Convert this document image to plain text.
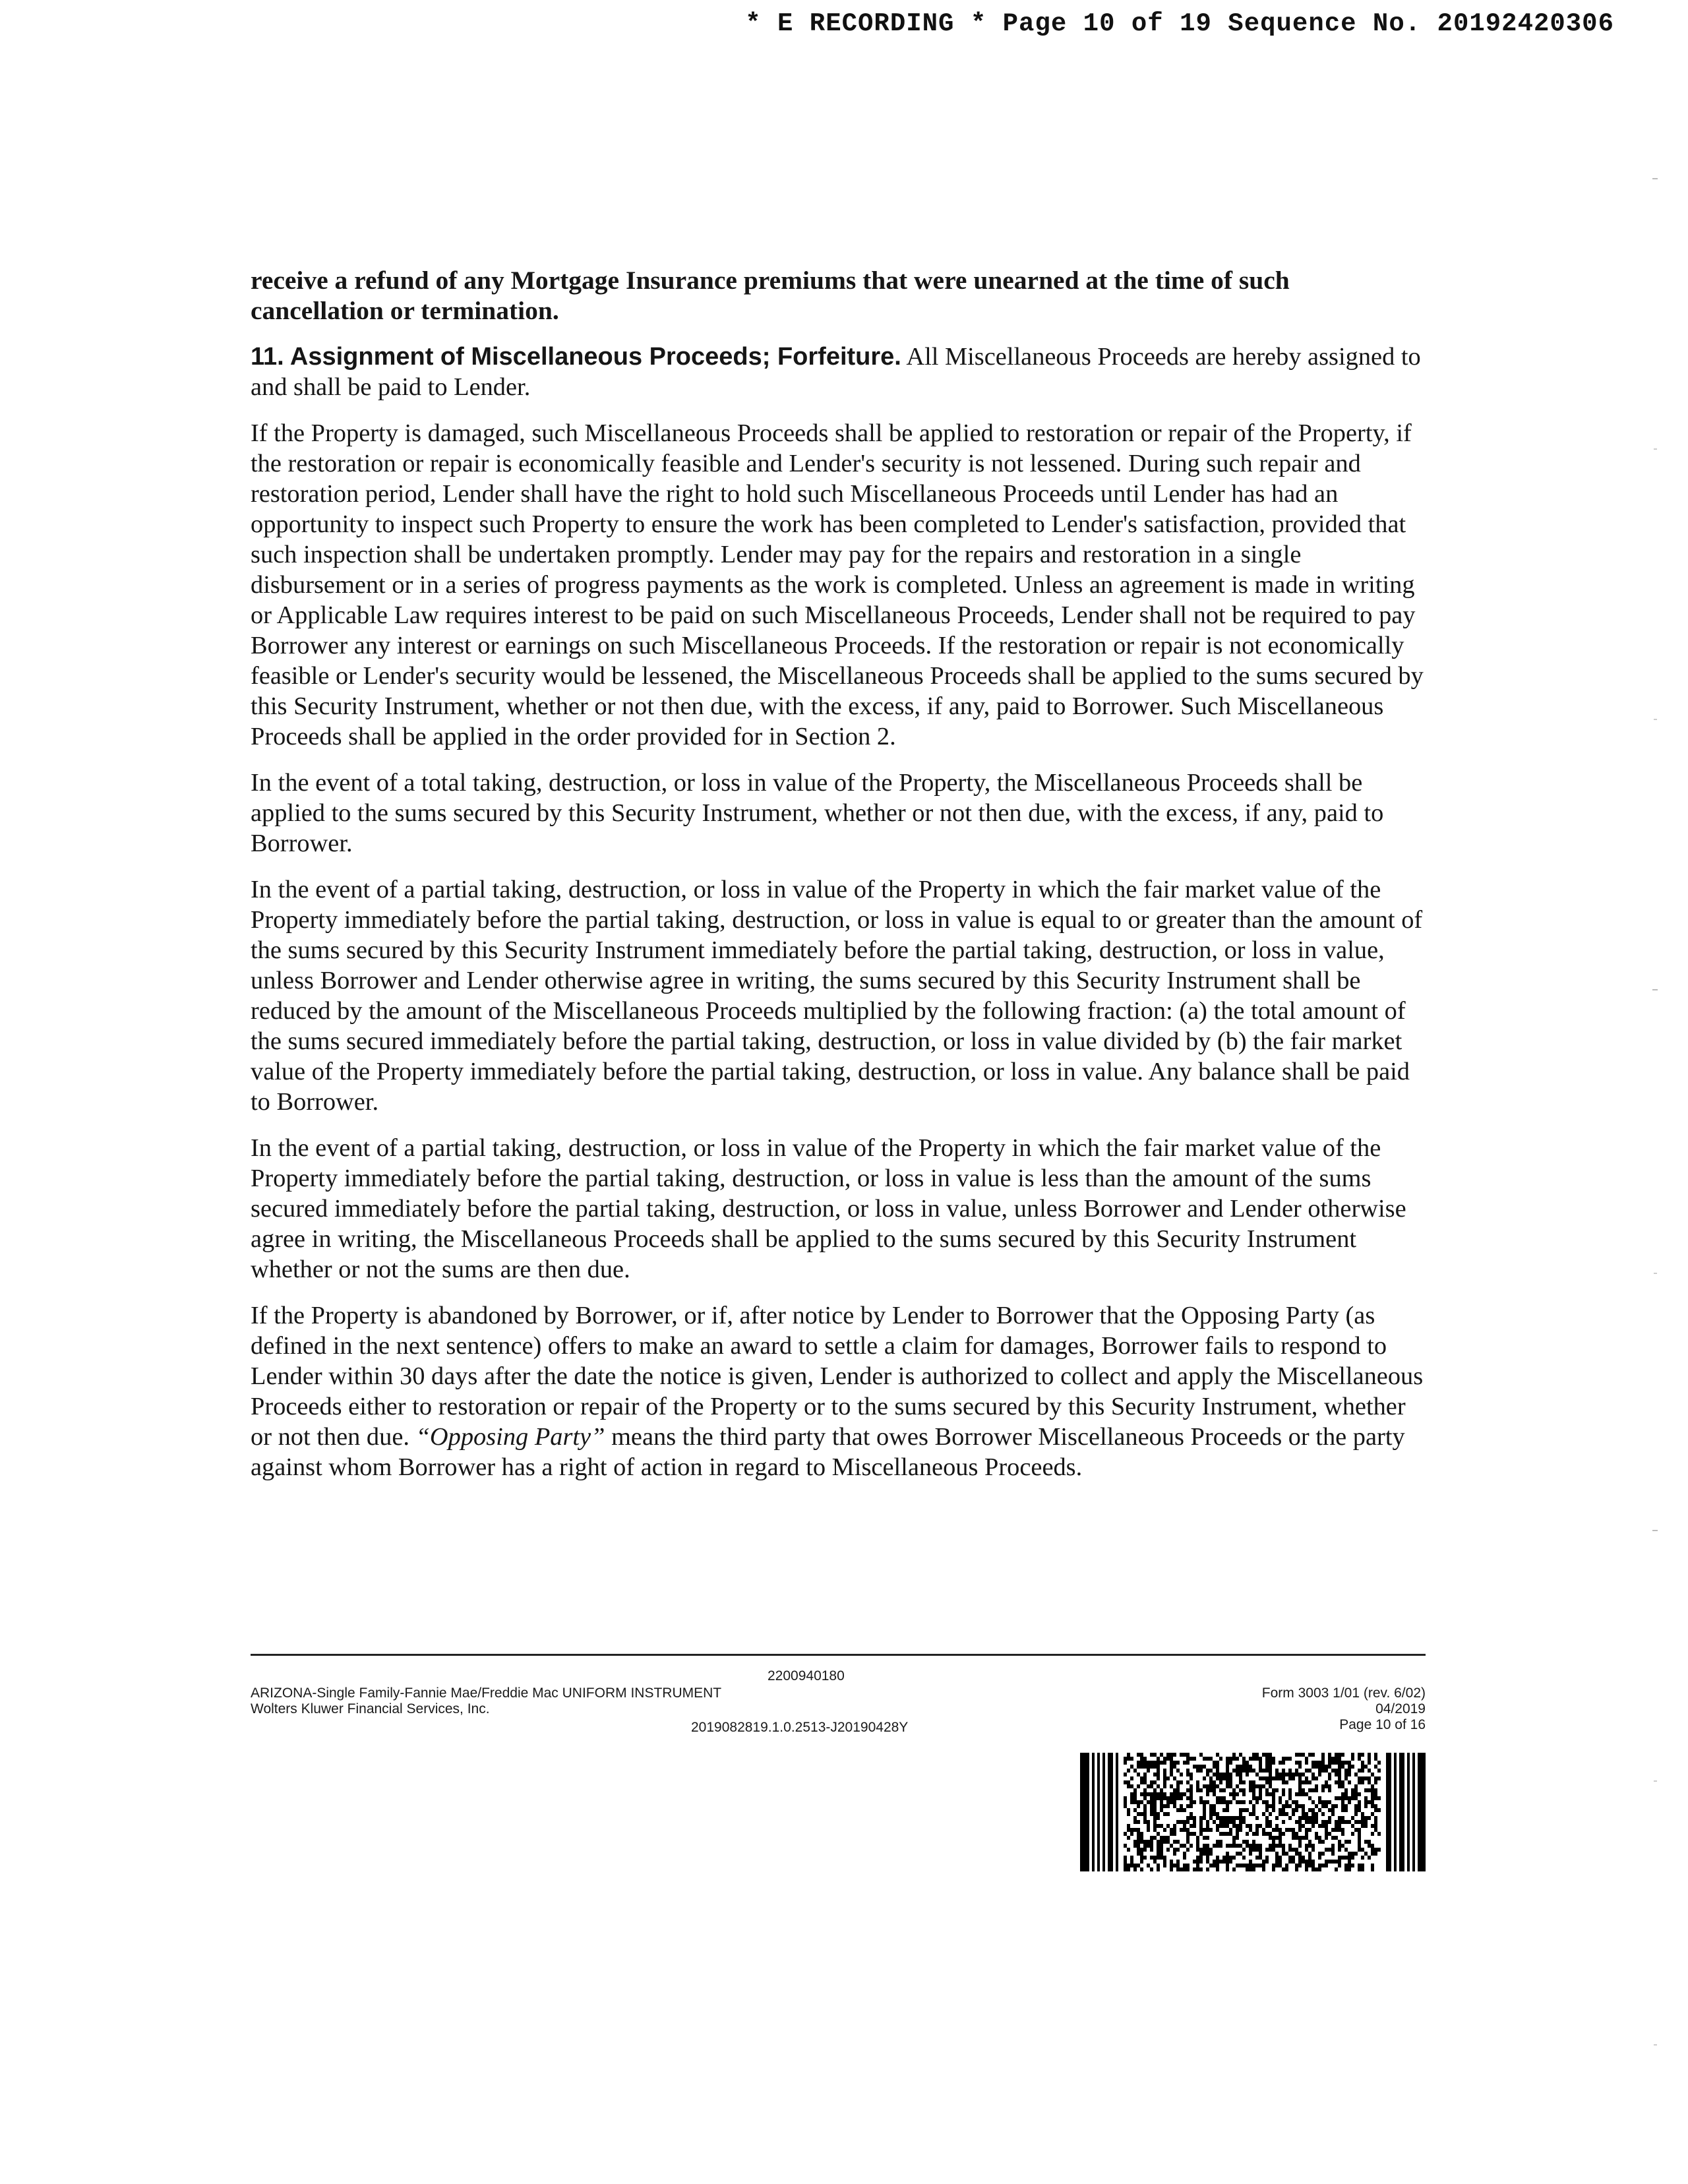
* E RECORDING * Page 10 of 19 Sequence No. 20192420306

receive a refund of any Mortgage Insurance premiums that were unearned at the time of such cancellation or termination.

11. Assignment of Miscellaneous Proceeds; Forfeiture. All Miscellaneous Proceeds are hereby assigned to and shall be paid to Lender.

If the Property is damaged, such Miscellaneous Proceeds shall be applied to restoration or repair of the Property, if the restoration or repair is economically feasible and Lender's security is not lessened. During such repair and restoration period, Lender shall have the right to hold such Miscellaneous Proceeds until Lender has had an opportunity to inspect such Property to ensure the work has been completed to Lender's satisfaction, provided that such inspection shall be undertaken promptly. Lender may pay for the repairs and restoration in a single disbursement or in a series of progress payments as the work is completed. Unless an agreement is made in writing or Applicable Law requires interest to be paid on such Miscellaneous Proceeds, Lender shall not be required to pay Borrower any interest or earnings on such Miscellaneous Proceeds. If the restoration or repair is not economically feasible or Lender's security would be lessened, the Miscellaneous Proceeds shall be applied to the sums secured by this Security Instrument, whether or not then due, with the excess, if any, paid to Borrower. Such Miscellaneous Proceeds shall be applied in the order provided for in Section 2.

In the event of a total taking, destruction, or loss in value of the Property, the Miscellaneous Proceeds shall be applied to the sums secured by this Security Instrument, whether or not then due, with the excess, if any, paid to Borrower.

In the event of a partial taking, destruction, or loss in value of the Property in which the fair market value of the Property immediately before the partial taking, destruction, or loss in value is equal to or greater than the amount of the sums secured by this Security Instrument immediately before the partial taking, destruction, or loss in value, unless Borrower and Lender otherwise agree in writing, the sums secured by this Security Instrument shall be reduced by the amount of the Miscellaneous Proceeds multiplied by the following fraction: (a) the total amount of the sums secured immediately before the partial taking, destruction, or loss in value divided by (b) the fair market value of the Property immediately before the partial taking, destruction, or loss in value. Any balance shall be paid to Borrower.

In the event of a partial taking, destruction, or loss in value of the Property in which the fair market value of the Property immediately before the partial taking, destruction, or loss in value is less than the amount of the sums secured immediately before the partial taking, destruction, or loss in value, unless Borrower and Lender otherwise agree in writing, the Miscellaneous Proceeds shall be applied to the sums secured by this Security Instrument whether or not the sums are then due.

If the Property is abandoned by Borrower, or if, after notice by Lender to Borrower that the Opposing Party (as defined in the next sentence) offers to make an award to settle a claim for damages, Borrower fails to respond to Lender within 30 days after the date the notice is given, Lender is authorized to collect and apply the Miscellaneous Proceeds either to restoration or repair of the Property or to the sums secured by this Security Instrument, whether or not then due. “Opposing Party” means the third party that owes Borrower Miscellaneous Proceeds or the party against whom Borrower has a right of action in regard to Miscellaneous Proceeds.

2200940180
ARIZONA-Single Family-Fannie Mae/Freddie Mac UNIFORM INSTRUMENT
Wolters Kluwer Financial Services, Inc.
2019082819.1.0.2513-J20190428Y
Form 3003 1/01 (rev. 6/02)
04/2019
Page 10 of 16
